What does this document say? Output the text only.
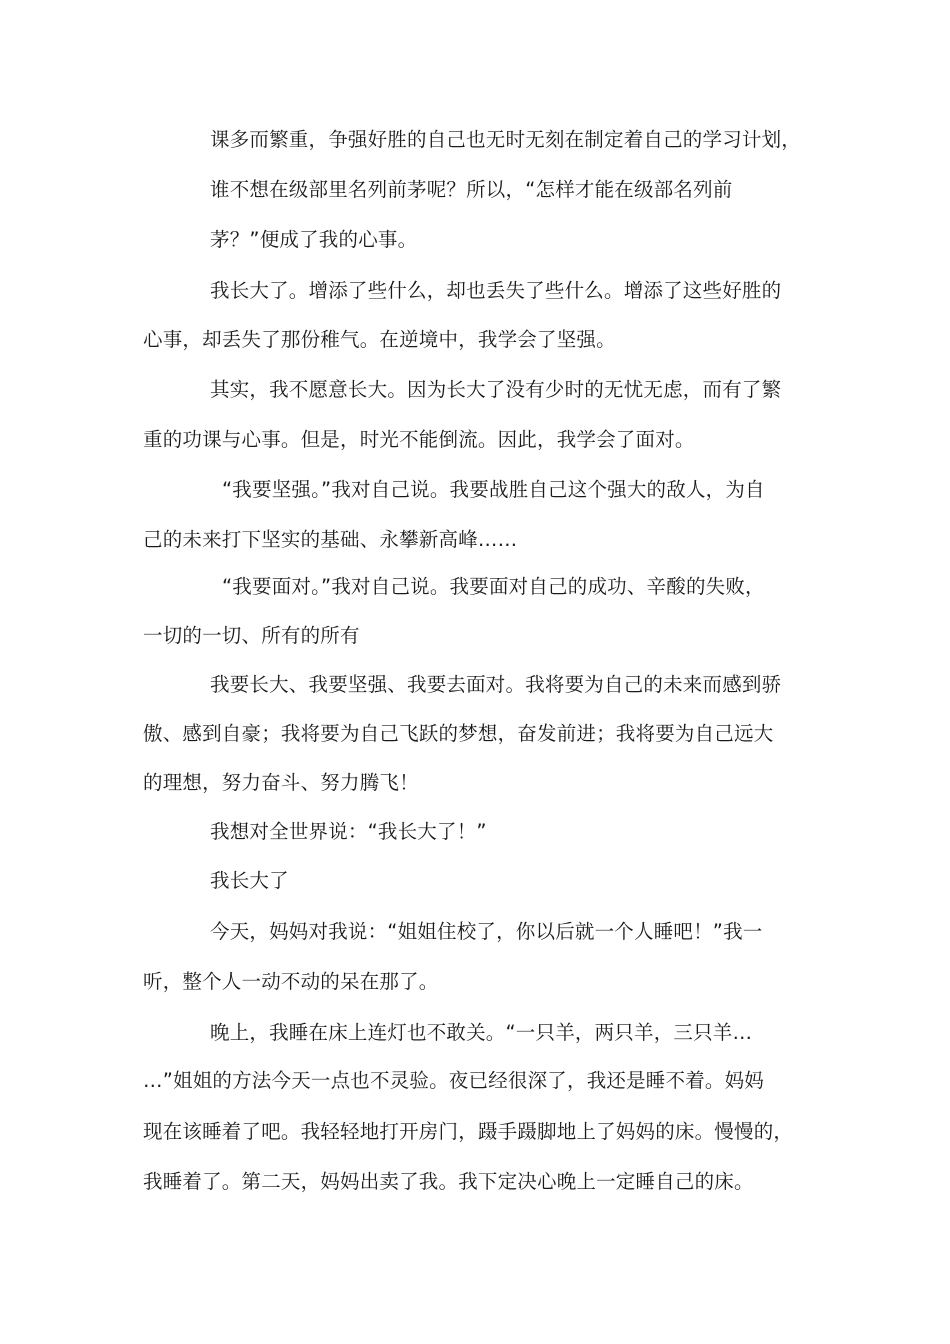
课多而繁重，争强好胜的自己也无时无刻在制定着自己的学习计划，
谁不想在级部里名列前茅呢？所以，“怎样才能在级部名列前
茅？”便成了我的心事。
我长大了。增添了些什么，却也丢失了些什么。增添了这些好胜的
心事，却丢失了那份稚气。在逆境中，我学会了坚强。
其实，我不愿意长大。因为长大了没有少时的无忧无虑，而有了繁
重的功课与心事。但是，时光不能倒流。因此，我学会了面对。
“我要坚强。”我对自己说。我要战胜自己这个强大的敌人，为自
己的未来打下坚实的基础、永攀新高峰……
“我要面对。”我对自己说。我要面对自己的成功、辛酸的失败，
一切的一切、所有的所有
我要长大、我要坚强、我要去面对。我将要为自己的未来而感到骄
傲、感到自豪；我将要为自己飞跃的梦想，奋发前进；我将要为自己远大
的理想，努力奋斗、努力腾飞！
我想对全世界说：“我长大了！”
我长大了
今天，妈妈对我说：“姐姐住校了，你以后就一个人睡吧！”我一
听，整个人一动不动的呆在那了。
晚上，我睡在床上连灯也不敢关。“一只羊，两只羊，三只羊…
…”姐姐的方法今天一点也不灵验。夜已经很深了，我还是睡不着。妈妈
现在该睡着了吧。我轻轻地打开房门，蹑手蹑脚地上了妈妈的床。慢慢的，
我睡着了。第二天，妈妈出卖了我。我下定决心晚上一定睡自己的床。
